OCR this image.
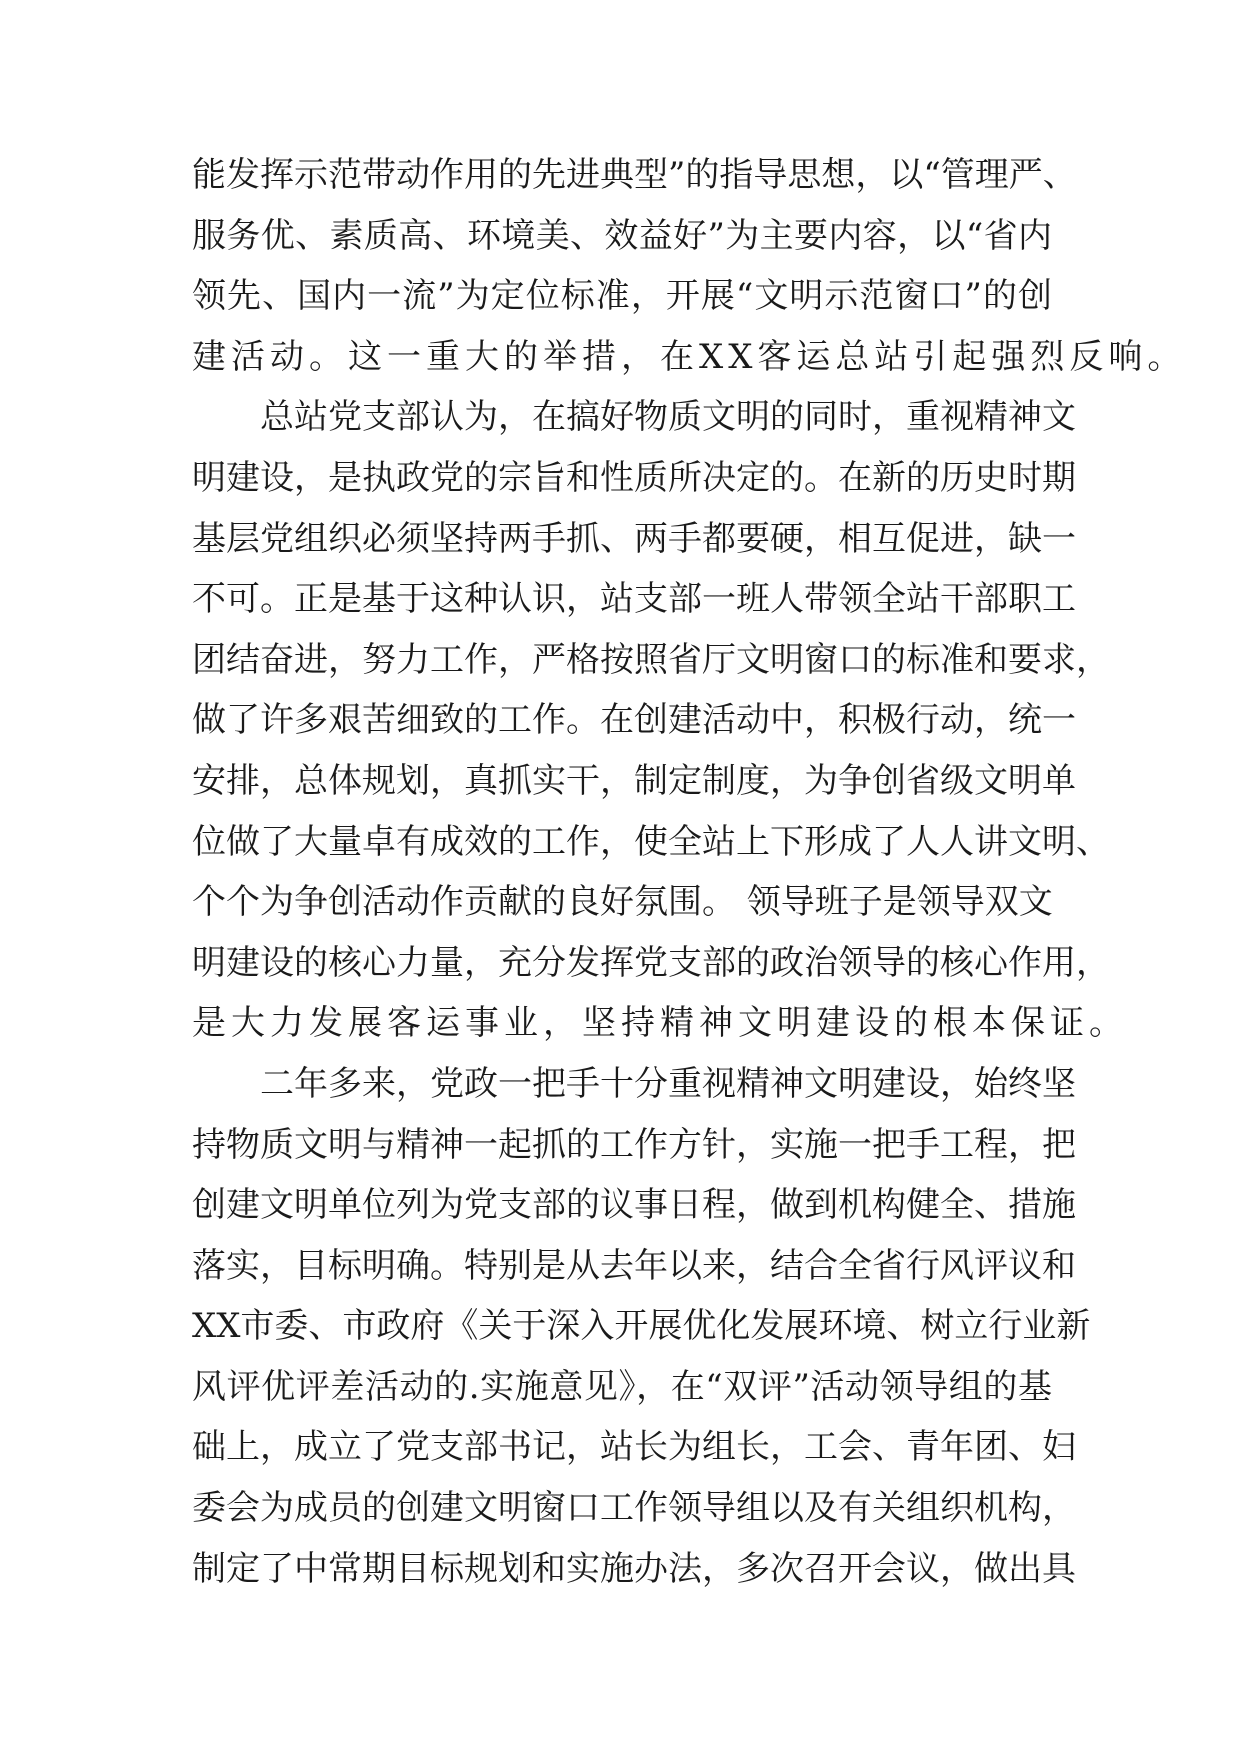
能发挥示范带动作用的先进典型”的指导思想，以“管理严、
服务优、素质高、环境美、效益好”为主要内容，以“省内
领先、国内一流”为定位标准，开展“文明示范窗口”的创
建活动。这一重大的举措，在XX客运总站引起强烈反响。
总站党支部认为，在搞好物质文明的同时，重视精神文
明建设，是执政党的宗旨和性质所决定的。在新的历史时期
基层党组织必须坚持两手抓、两手都要硬，相互促进，缺一
不可。正是基于这种认识，站支部一班人带领全站干部职工
团结奋进，努力工作，严格按照省厅文明窗口的标准和要求，
做了许多艰苦细致的工作。在创建活动中，积极行动，统一
安排，总体规划，真抓实干，制定制度，为争创省级文明单
位做了大量卓有成效的工作，使全站上下形成了人人讲文明、
个个为争创活动作贡献的良好氛围。 领导班子是领导双文
明建设的核心力量，充分发挥党支部的政治领导的核心作用，
是大力发展客运事业，坚持精神文明建设的根本保证。
二年多来，党政一把手十分重视精神文明建设，始终坚
持物质文明与精神一起抓的工作方针，实施一把手工程，把
创建文明单位列为党支部的议事日程，做到机构健全、措施
落实，目标明确。特别是从去年以来，结合全省行风评议和
XX市委、市政府《关于深入开展优化发展环境、树立行业新
风评优评差活动的.实施意见》，在“双评”活动领导组的基
础上，成立了党支部书记，站长为组长，工会、青年团、妇
委会为成员的创建文明窗口工作领导组以及有关组织机构，
制定了中常期目标规划和实施办法，多次召开会议，做出具
